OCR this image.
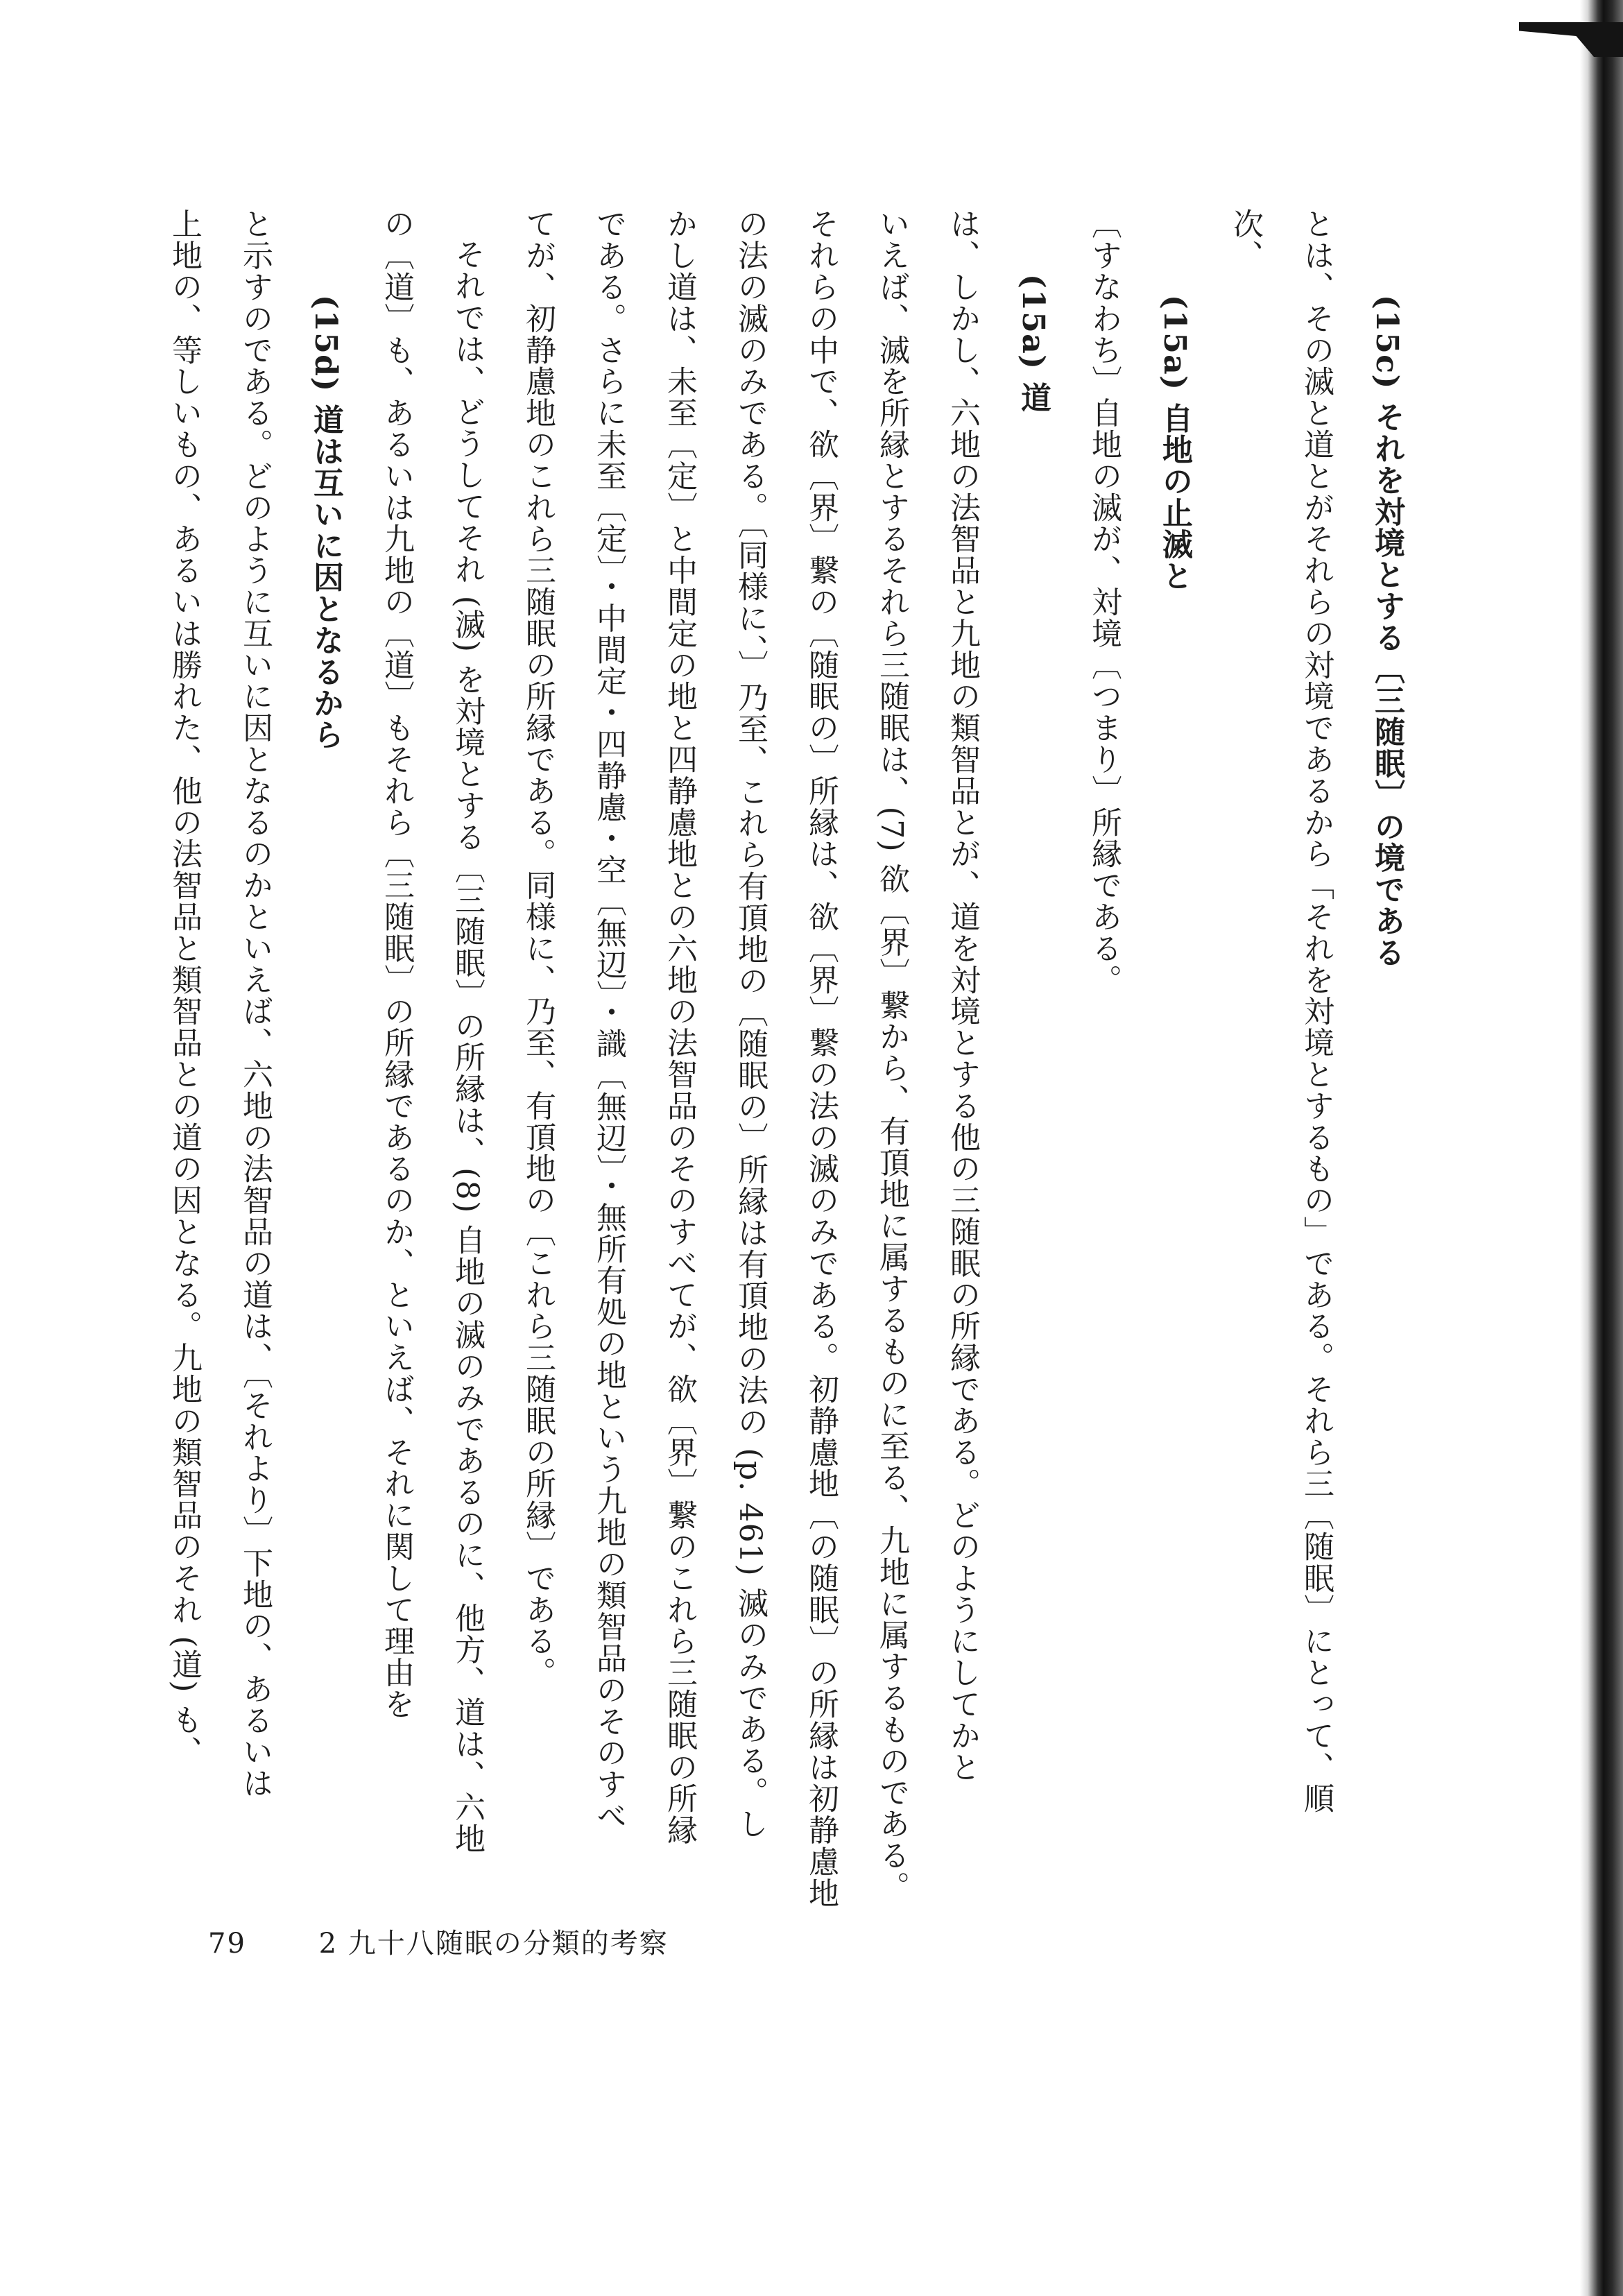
(15c) それを対境とする〔三随眠〕の境である
とは、その滅と道とがそれらの対境であるから「それを対境とするもの」である。それら三〔随眠〕にとって、順
次、
(15a) 自地の止滅と
〔すなわち〕自地の滅が、対境〔つまり〕所縁である。
(15a) 道
は、しかし、六地の法智品と九地の類智品とが、道を対境とする他の三随眠の所縁である。どのようにしてかと
いえば、滅を所縁とするそれら三随眠は、(7) 欲〔界〕繋から、有頂地に属するものに至る、九地に属するものである。
それらの中で、欲〔界〕繋の〔随眠の〕所縁は、欲〔界〕繋の法の滅のみである。初静慮地〔の随眠〕の所縁は初静慮地
の法の滅のみである。〔同様に、〕乃至、これら有頂地の〔随眠の〕所縁は有頂地の法の (p. 461) 滅のみである。し
かし道は、未至〔定〕と中間定の地と四静慮地との六地の法智品のそのすべてが、欲〔界〕繋のこれら三随眠の所縁
である。さらに未至〔定〕・中間定・四静慮・空〔無辺〕・識〔無辺〕・無所有処の地という九地の類智品のそのすべ
てが、初静慮地のこれら三随眠の所縁である。同様に、乃至、有頂地の〔これら三随眠の所縁〕である。
それでは、どうしてそれ (滅) を対境とする〔三随眠〕の所縁は、(8) 自地の滅のみであるのに、他方、道は、六地
の〔道〕も、あるいは九地の〔道〕もそれら〔三随眠〕の所縁であるのか、といえば、それに関して理由を
(15d) 道は互いに因となるから
と示すのである。どのように互いに因となるのかといえば、六地の法智品の道は、〔それより〕下地の、あるいは
上地の、等しいもの、あるいは勝れた、他の法智品と類智品との道の因となる。九地の類智品のそれ (道) も、
79	2 九十八随眠の分類的考察
